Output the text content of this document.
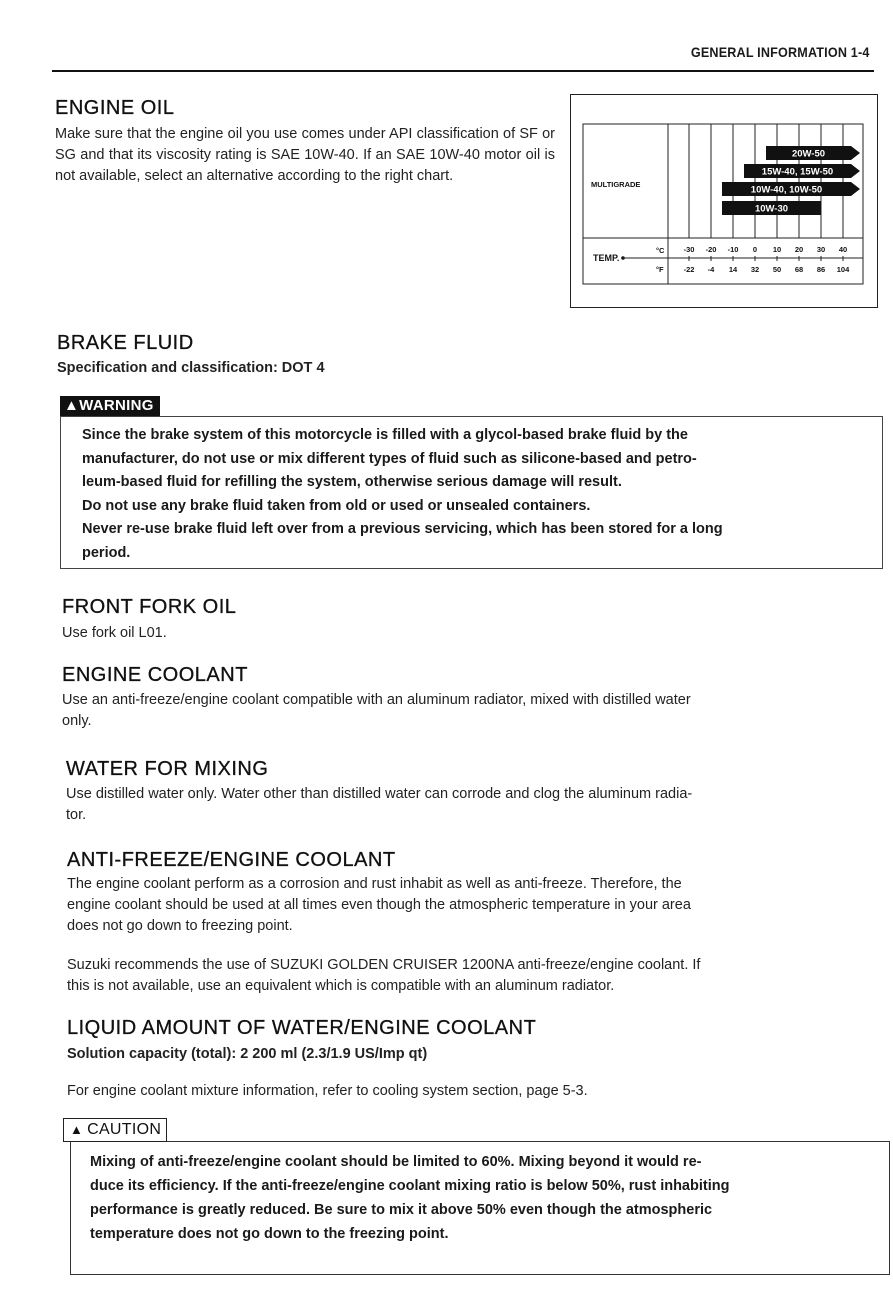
GENERAL INFORMATION 1-4
ENGINE OIL
Make sure that the engine oil you use comes under API classification of SF or SG and that its viscosity rating is SAE 10W-40. If an SAE 10W-40 motor oil is not available, select an alternative according to the right chart.
MULTIGRADE
TEMP.
°C
°F
20W-50
15W-40, 15W-50
10W-40, 10W-50
10W-30
-30 -20 -10 0 10 20 30 40
-22 -4 14 32 50 68 86 104
BRAKE FLUID
Specification and classification: DOT 4
▲WARNING
Since the brake system of this motorcycle is filled with a glycol-based brake fluid by the
manufacturer, do not use or mix different types of fluid such as silicone-based and petro-
leum-based fluid for refilling the system, otherwise serious damage will result.
Do not use any brake fluid taken from old or used or unsealed containers.
Never re-use brake fluid left over from a previous servicing, which has been stored for a long
period.
FRONT FORK OIL
Use fork oil L01.
ENGINE COOLANT
Use an anti-freeze/engine coolant compatible with an aluminum radiator, mixed with distilled water
only.
WATER FOR MIXING
Use distilled water only. Water other than distilled water can corrode and clog the aluminum radia-
tor.
ANTI-FREEZE/ENGINE COOLANT
The engine coolant perform as a corrosion and rust inhabit as well as anti-freeze. Therefore, the
engine coolant should be used at all times even though the atmospheric temperature in your area
does not go down to freezing point.
Suzuki recommends the use of SUZUKI GOLDEN CRUISER 1200NA anti-freeze/engine coolant. If
this is not available, use an equivalent which is compatible with an aluminum radiator.
LIQUID AMOUNT OF WATER/ENGINE COOLANT
Solution capacity (total): 2 200 ml (2.3/1.9 US/Imp qt)
For engine coolant mixture information, refer to cooling system section, page 5-3.
▲ CAUTION
Mixing of anti-freeze/engine coolant should be limited to 60%. Mixing beyond it would re-
duce its efficiency. If the anti-freeze/engine coolant mixing ratio is below 50%, rust inhabiting
performance is greatly reduced. Be sure to mix it above 50% even though the atmospheric
temperature does not go down to the freezing point.
